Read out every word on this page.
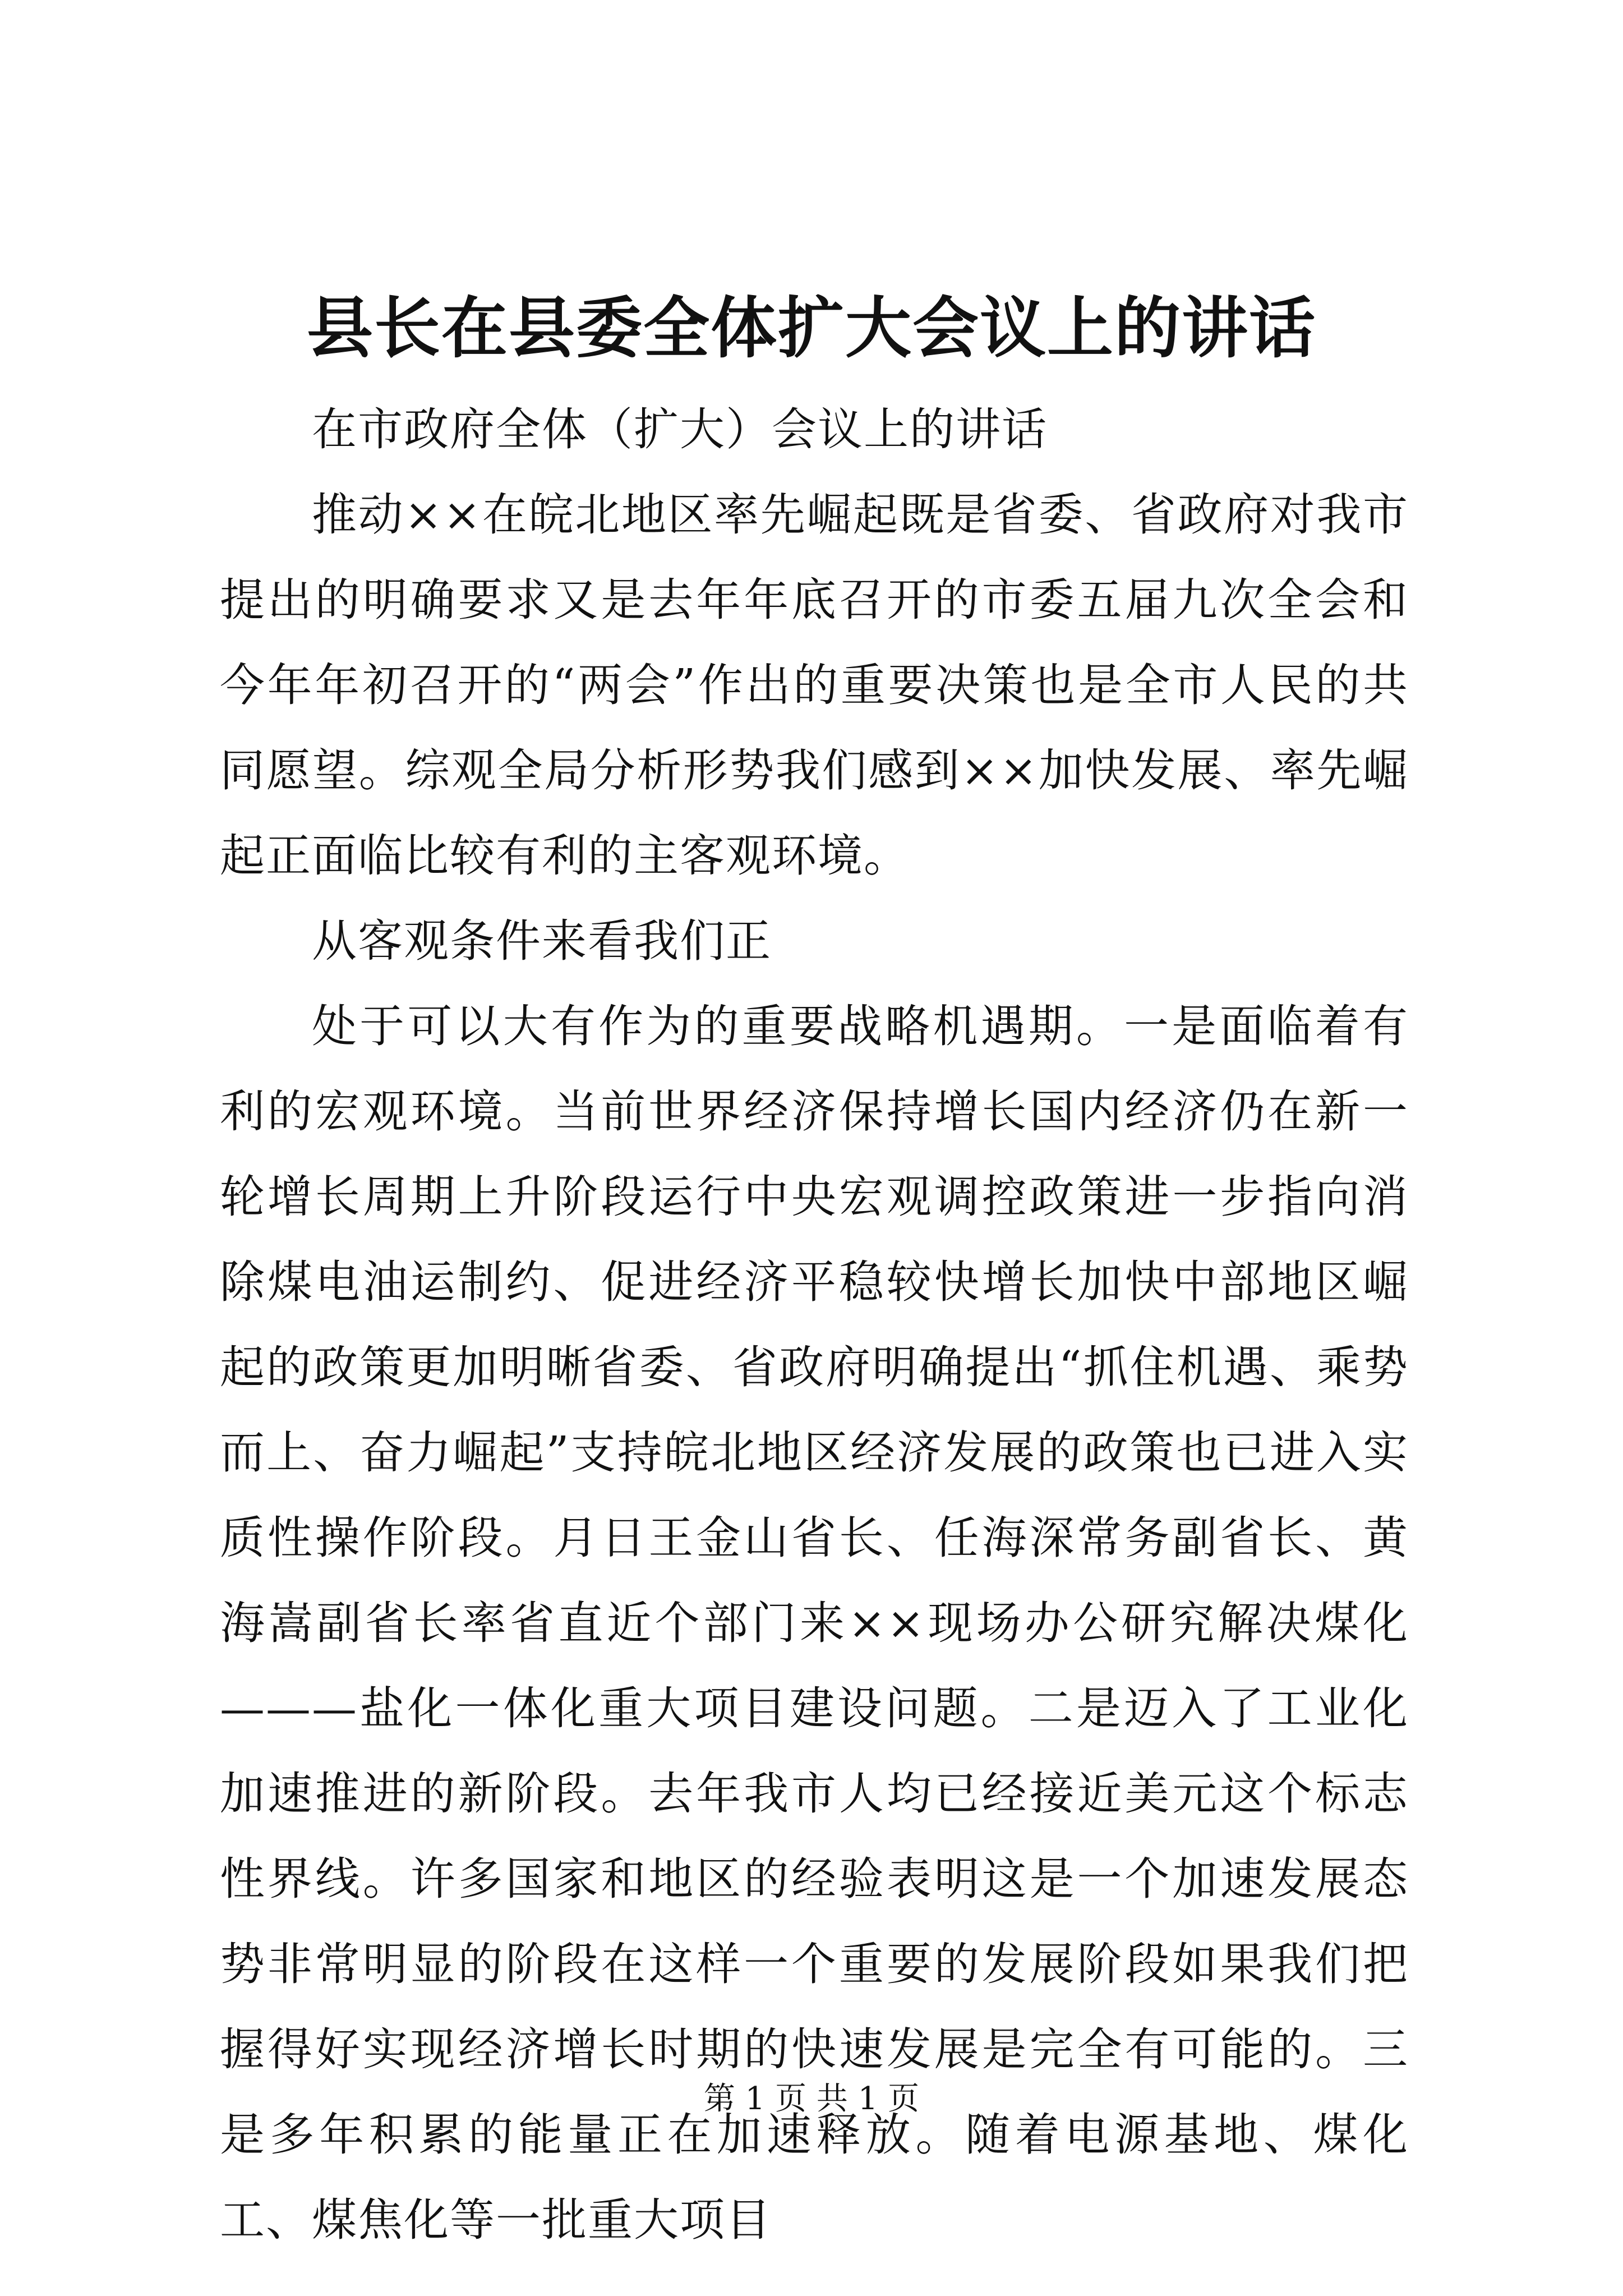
县长在县委全体扩大会议上的讲话

在市政府全体（扩大）会议上的讲话

推动××在皖北地区率先崛起既是省委、省政府对我市提出的明确要求又是去年年底召开的市委五届九次全会和今年年初召开的“两会”作出的重要决策也是全市人民的共同愿望。综观全局分析形势我们感到××加快发展、率先崛起正面临比较有利的主客观环境。

从客观条件来看我们正

处于可以大有作为的重要战略机遇期。一是面临着有利的宏观环境。当前世界经济保持增长国内经济仍在新一轮增长周期上升阶段运行中央宏观调控政策进一步指向消除煤电油运制约、促进经济平稳较快增长加快中部地区崛起的政策更加明晰省委、省政府明确提出“抓住机遇、乘势而上、奋力崛起”支持皖北地区经济发展的政策也已进入实质性操作阶段。月日王金山省长、任海深常务副省长、黄海嵩副省长率省直近个部门来××现场办公研究解决煤化———盐化一体化重大项目建设问题。二是迈入了工业化加速推进的新阶段。去年我市人均已经接近美元这个标志性界线。许多国家和地区的经验表明这是一个加速发展态势非常明显的阶段在这样一个重要的发展阶段如果我们把握得好实现经济增长时期的快速发展是完全有可能的。三是多年积累的能量正在加速释放。随着电源基地、煤化工、煤焦化等一批重大项目

第 1 页 共 1 页
